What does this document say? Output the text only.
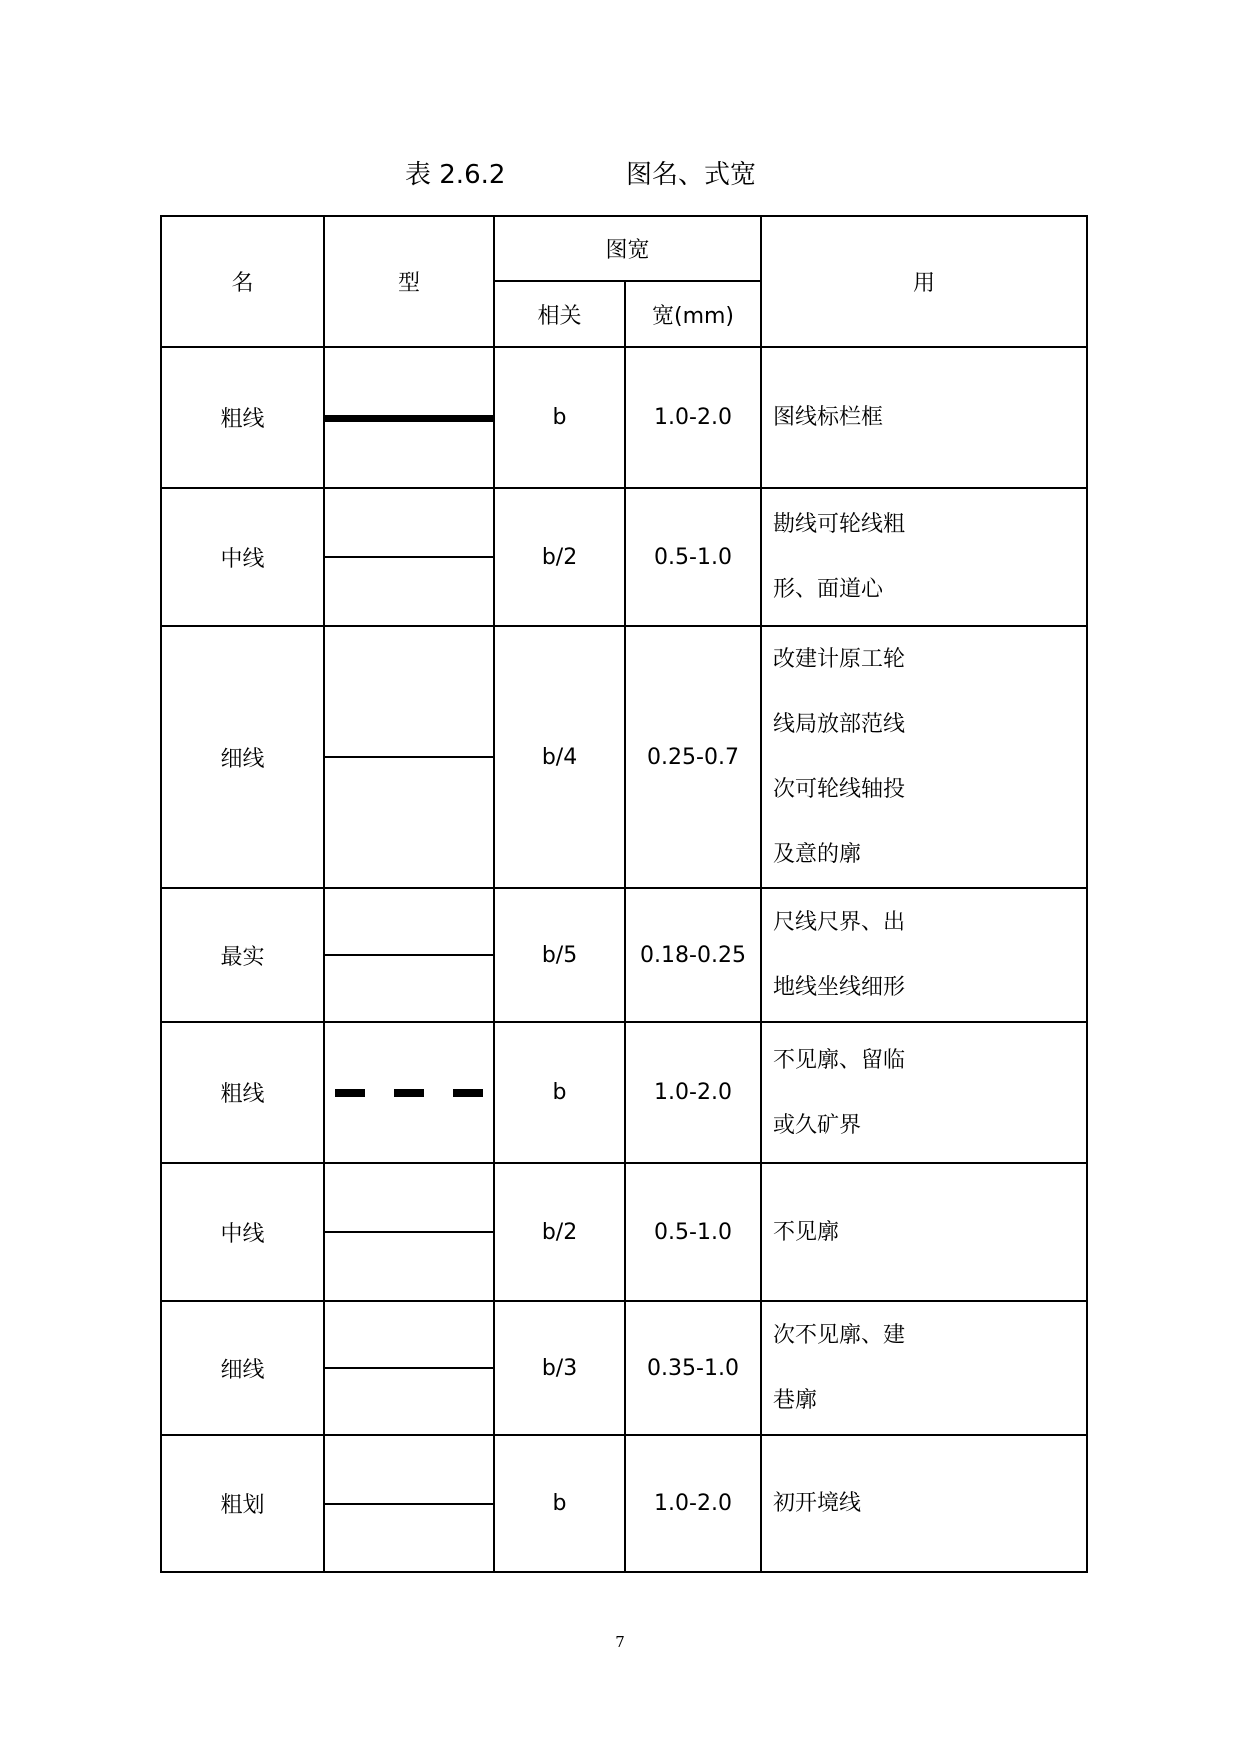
表 2.6.2	图名、式宽
名	型	图宽		用
		相关	宽(mm)	
粗线		b	1.0-2.0	图线标栏框

中线		b/2	0.5-1.0	勘线可轮线粗
形、面道心

细线		b/4	0.25-0.7	改建计原工轮
线局放部范线
次可轮线轴投
及意的廓

最实		b/5	0.18-0.25	尺线尺界、出
地线坐线细形

粗线		b	1.0-2.0	不见廓、留临
或久矿界

中线		b/2	0.5-1.0	不见廓

细线		b/3	0.35-1.0	次不见廓、建
巷廓

粗划		b	1.0-2.0	初开境线
7
